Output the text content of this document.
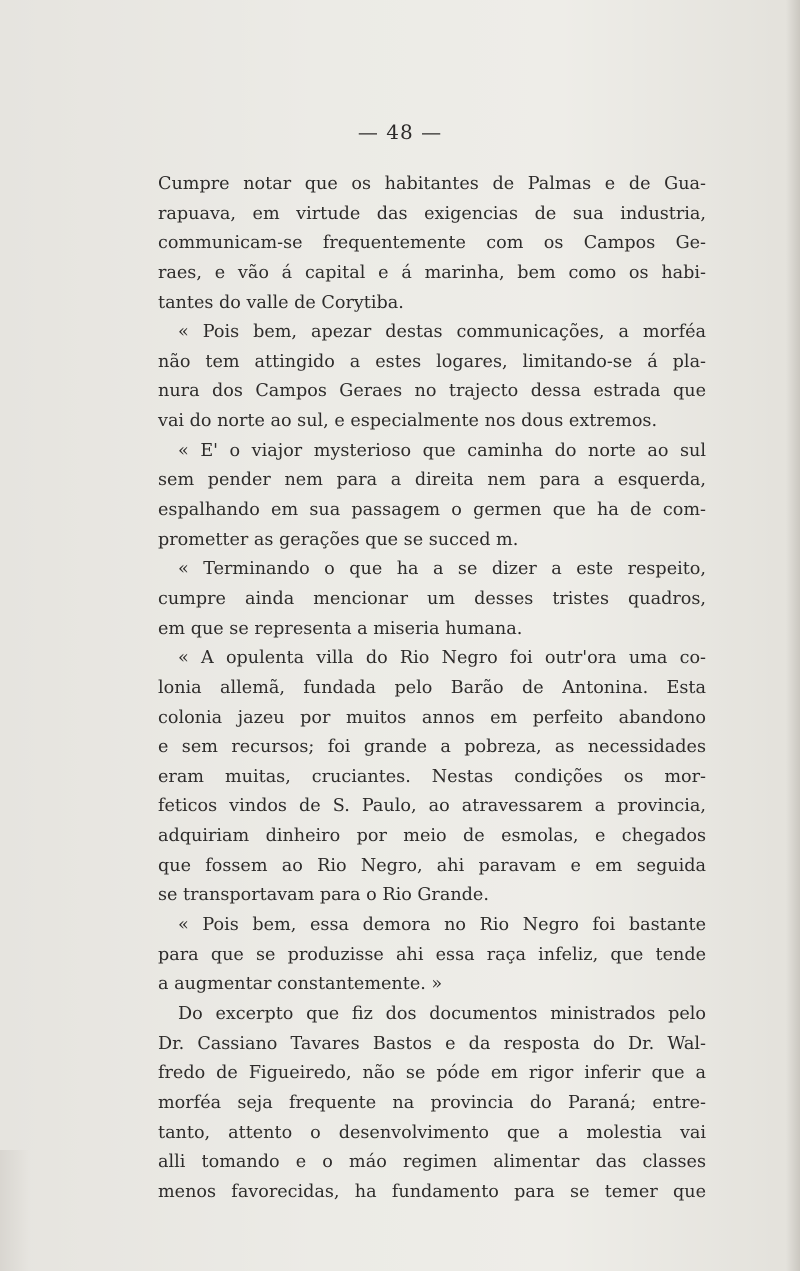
— 48 —
Cumpre notar que os habitantes de Palmas e de Gua-
rapuava, em virtude das exigencias de sua industria,
communicam-se frequentemente com os Campos Ge-
raes, e vão á capital e á marinha, bem como os habi-
tantes do valle de Corytiba.
« Pois bem, apezar destas communicações, a morféa
não tem attingido a estes logares, limitando-se á pla-
nura dos Campos Geraes no trajecto dessa estrada que
vai do norte ao sul, e especialmente nos dous extremos.
« E' o viajor mysterioso que caminha do norte ao sul
sem pender nem para a direita nem para a esquerda,
espalhando em sua passagem o germen que ha de com-
prometter as gerações que se succed m.
« Terminando o que ha a se dizer a este respeito,
cumpre ainda mencionar um desses tristes quadros,
em que se representa a miseria humana.
« A opulenta villa do Rio Negro foi outr'ora uma co-
lonia allemã, fundada pelo Barão de Antonina. Esta
colonia jazeu por muitos annos em perfeito abandono
e sem recursos; foi grande a pobreza, as necessidades
eram muitas, cruciantes. Nestas condições os mor-
feticos vindos de S. Paulo, ao atravessarem a provincia,
adquiriam dinheiro por meio de esmolas, e chegados
que fossem ao Rio Negro, ahi paravam e em seguida
se transportavam para o Rio Grande.
« Pois bem, essa demora no Rio Negro foi bastante
para que se produzisse ahi essa raça infeliz, que tende
a augmentar constantemente. »
Do excerpto que fiz dos documentos ministrados pelo
Dr. Cassiano Tavares Bastos e da resposta do Dr. Wal-
fredo de Figueiredo, não se póde em rigor inferir que a
morféa seja frequente na provincia do Paraná; entre-
tanto, attento o desenvolvimento que a molestia vai
alli tomando e o máo regimen alimentar das classes
menos favorecidas, ha fundamento para se temer que
